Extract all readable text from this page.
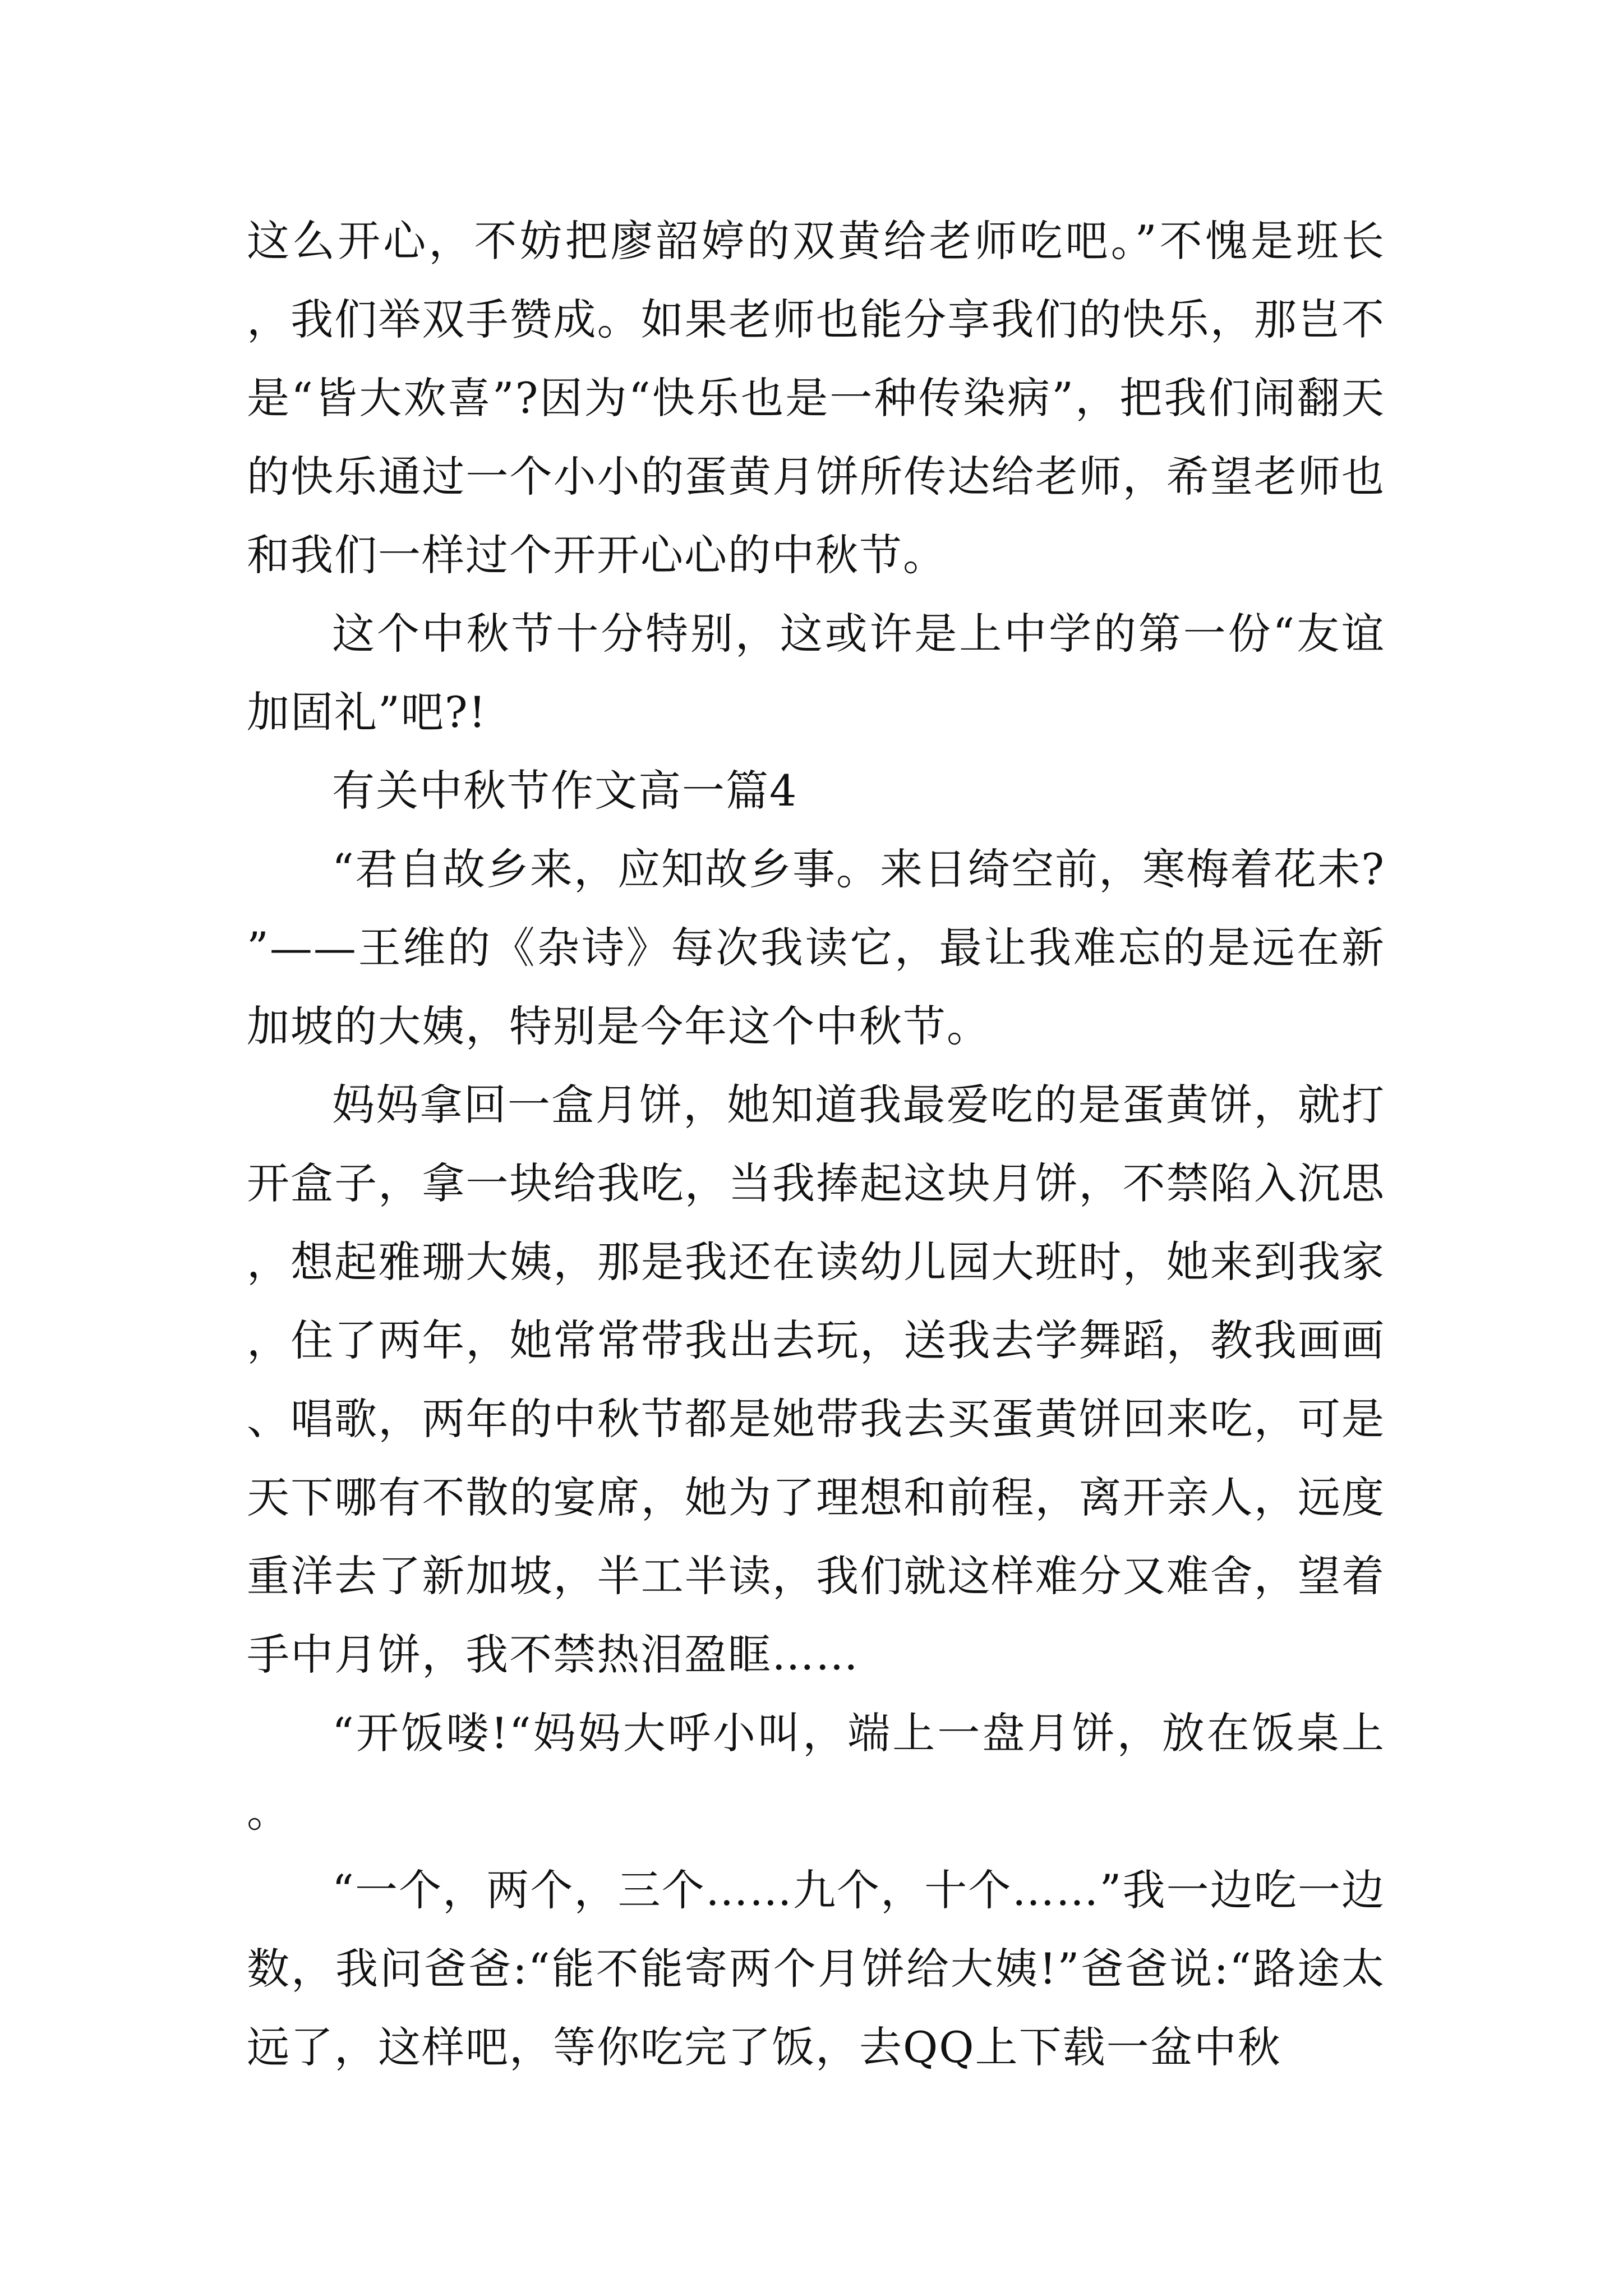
这么开心，不妨把廖韶婷的双黄给老师吃吧。”不愧是班长，我们举双手赞成。如果老师也能分享我们的快乐，那岂不是“皆大欢喜”?因为“快乐也是一种传染病”，把我们闹翻天的快乐通过一个小小的蛋黄月饼所传达给老师，希望老师也和我们一样过个开开心心的中秋节。

这个中秋节十分特别，这或许是上中学的第一份“友谊加固礼”吧?!

有关中秋节作文高一篇4

“君自故乡来，应知故乡事。来日绮空前，寒梅着花未?”——王维的《杂诗》每次我读它，最让我难忘的是远在新加坡的大姨，特别是今年这个中秋节。

妈妈拿回一盒月饼，她知道我最爱吃的是蛋黄饼，就打开盒子，拿一块给我吃，当我捧起这块月饼，不禁陷入沉思，想起雅珊大姨，那是我还在读幼儿园大班时，她来到我家，住了两年，她常常带我出去玩，送我去学舞蹈，教我画画、唱歌，两年的中秋节都是她带我去买蛋黄饼回来吃，可是天下哪有不散的宴席，她为了理想和前程，离开亲人，远度重洋去了新加坡，半工半读，我们就这样难分又难舍，望着手中月饼，我不禁热泪盈眶……

“开饭喽!“妈妈大呼小叫，端上一盘月饼，放在饭桌上。

“一个，两个，三个……九个，十个……”我一边吃一边数，我问爸爸:“能不能寄两个月饼给大姨!”爸爸说:“路途太远了，这样吧，等你吃完了饭，去QQ上下载一盆中秋
